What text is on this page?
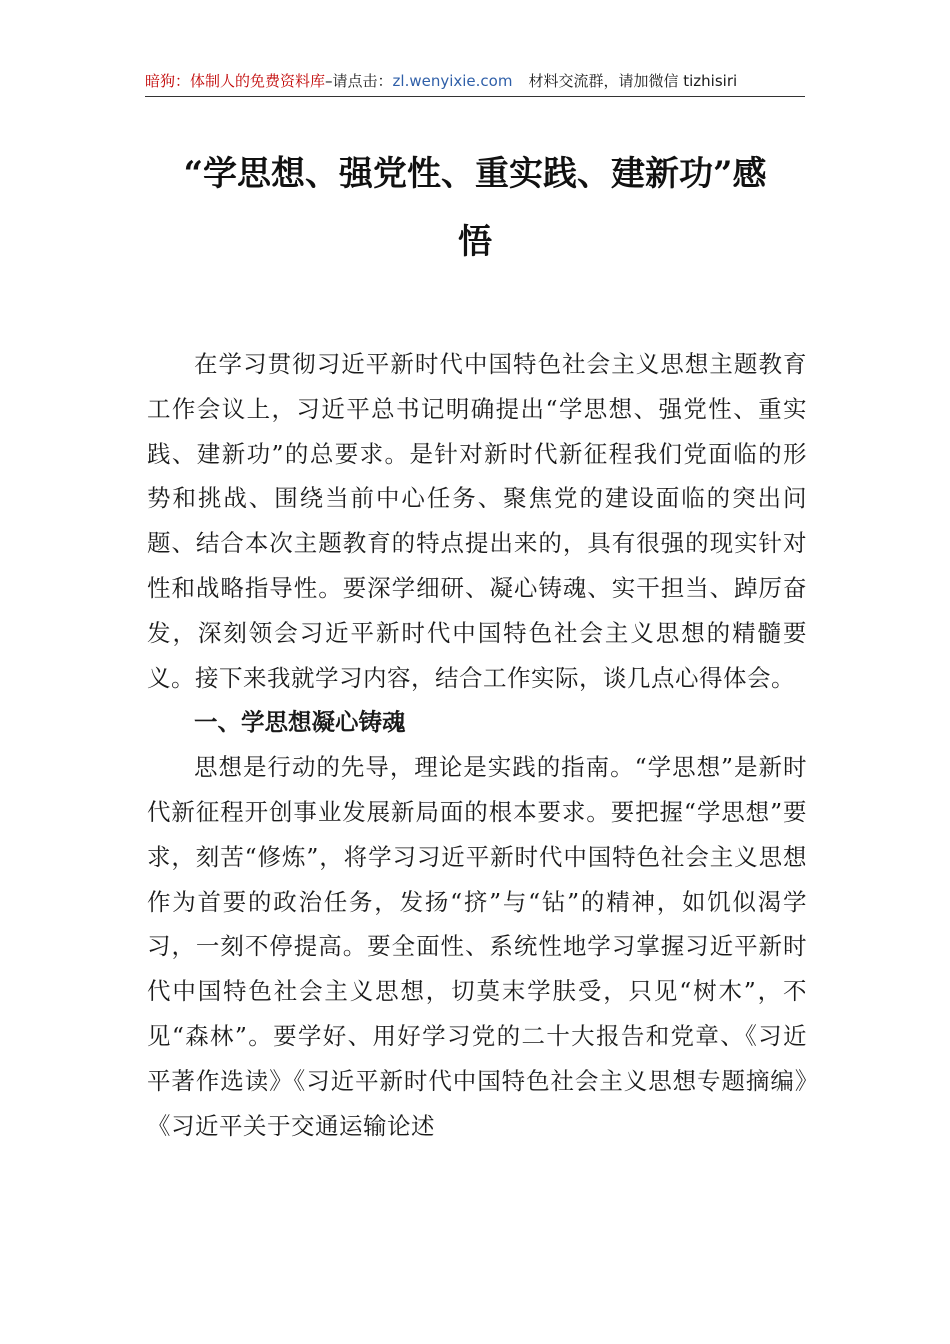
暗狗：体制人的免费资料库–请点击：zl.wenyixie.com 材料交流群，请加微信 tizhisiri
“学思想、强党性、重实践、建新功”感
悟

在学习贯彻习近平新时代中国特色社会主义思想主题教育工作会议上，习近平总书记明确提出“学思想、强党性、重实践、建新功”的总要求。是针对新时代新征程我们党面临的形势和挑战、围绕当前中心任务、聚焦党的建设面临的突出问题、结合本次主题教育的特点提出来的，具有很强的现实针对性和战略指导性。要深学细研、凝心铸魂、实干担当、踔厉奋发，深刻领会习近平新时代中国特色社会主义思想的精髓要义。接下来我就学习内容，结合工作实际，谈几点心得体会。

一、学思想凝心铸魂

思想是行动的先导，理论是实践的指南。“学思想”是新时代新征程开创事业发展新局面的根本要求。要把握“学思想”要求，刻苦“修炼”，将学习习近平新时代中国特色社会主义思想作为首要的政治任务，发扬“挤”与“钻”的精神，如饥似渴学习，一刻不停提高。要全面性、系统性地学习掌握习近平新时代中国特色社会主义思想，切莫末学肤受，只见“树木”，不见“森林”。要学好、用好学习党的二十大报告和党章、《习近平著作选读》《习近平新时代中国特色社会主义思想专题摘编》《习近平关于交通运输论述
